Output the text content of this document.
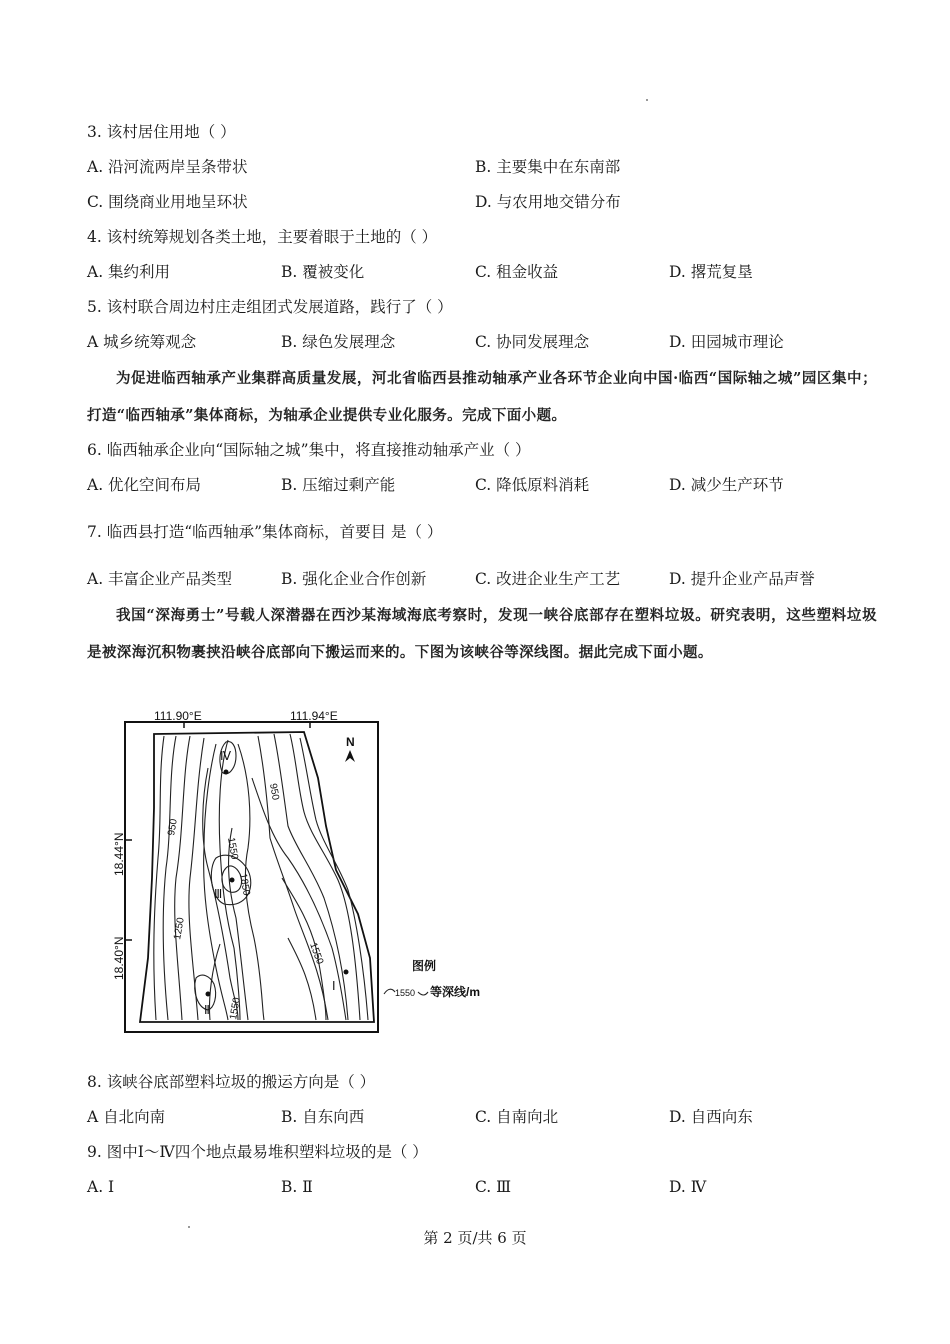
3. 该村居住用地（ ）
A. 沿河流两岸呈条带状	B. 主要集中在东南部
C. 围绕商业用地呈环状	D. 与农用地交错分布
4. 该村统筹规划各类土地，主要着眼于土地的（ ）
A. 集约利用	B. 覆被变化	C. 租金收益	D. 撂荒复垦
5. 该村联合周边村庄走组团式发展道路，践行了（ ）
A 城乡统筹观念	B. 绿色发展理念	C. 协同发展理念	D. 田园城市理论
为促进临西轴承产业集群高质量发展，河北省临西县推动轴承产业各环节企业向中国·临西“国际轴之城”园区集中；打造“临西轴承”集体商标，为轴承企业提供专业化服务。完成下面小题。
6. 临西轴承企业向“国际轴之城”集中，将直接推动轴承产业（ ）
A. 优化空间布局	B. 压缩过剩产能	C. 降低原料消耗	D. 减少生产环节
7. 临西县打造“临西轴承”集体商标，首要目 是（ ）
A. 丰富企业产品类型	B. 强化企业合作创新	C. 改进企业生产工艺	D. 提升企业产品声誉
我国“深海勇士”号载人深潜器在西沙某海域海底考察时，发现一峡谷底部存在塑料垃圾。研究表明，这些塑料垃圾是被深海沉积物裹挟沿峡谷底部向下搬运而来的。下图为该峡谷等深线图。据此完成下面小题。
111.90°E	111.94°E
18.44°N
18.40°N
N
950
950
1550
1850
1250
1550
1550
Ⅳ
Ⅲ
Ⅰ
Ⅱ
图例
1550 等深线/m
8. 该峡谷底部塑料垃圾的搬运方向是（ ）
A 自北向南	B. 自东向西	C. 自南向北	D. 自西向东
9. 图中Ⅰ～Ⅳ四个地点最易堆积塑料垃圾的是（ ）
A. Ⅰ	B. Ⅱ	C. Ⅲ	D. Ⅳ
第 2 页/共 6 页
